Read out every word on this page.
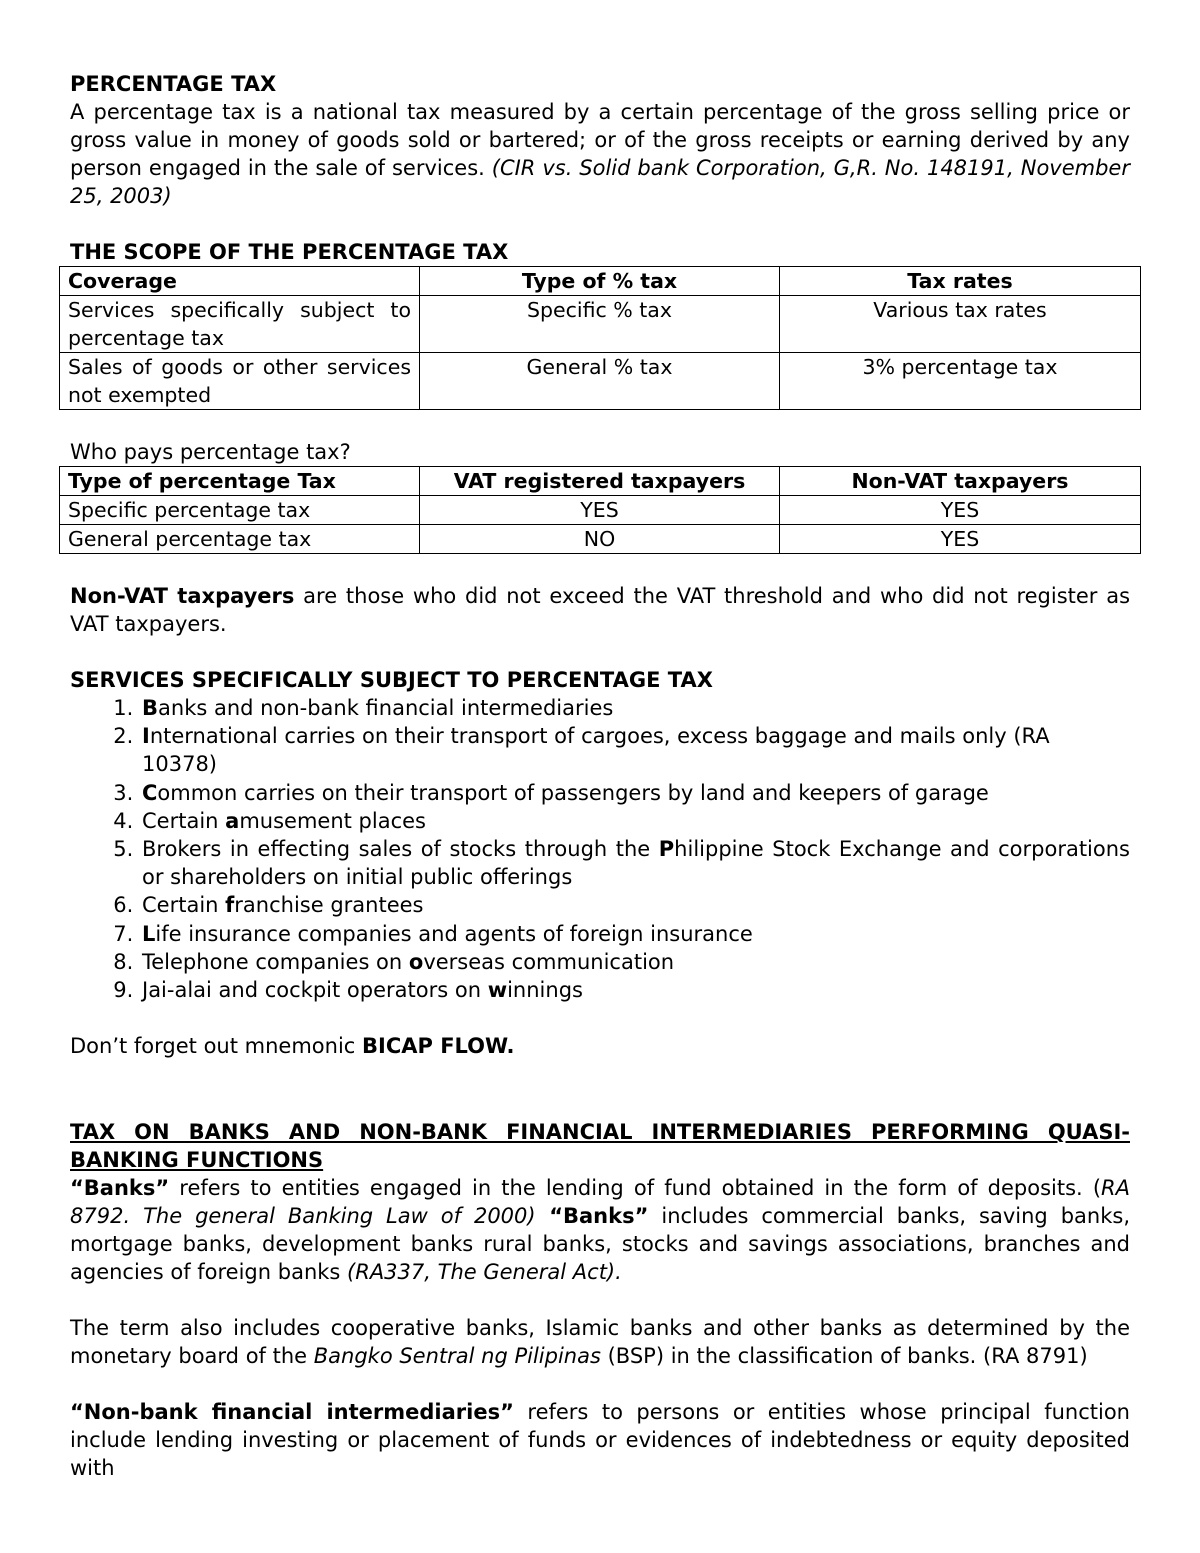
PERCENTAGE TAX
A percentage tax is a national tax measured by a certain percentage of the gross selling price or gross value in money of goods sold or bartered; or of the gross receipts or earning derived by any person engaged in the sale of services. (CIR vs. Solid bank Corporation, G,R. No. 148191, November 25, 2003)
THE SCOPE OF THE PERCENTAGE TAX
Coverage	Type of % tax	Tax rates
Services specifically subject to percentage tax	Specific % tax	Various tax rates
Sales of goods or other services not exempted	General % tax	3% percentage tax
Who pays percentage tax?
Type of percentage Tax	VAT registered taxpayers	Non-VAT taxpayers
Specific percentage tax	YES	YES
General percentage tax	NO	YES
Non-VAT taxpayers are those who did not exceed the VAT threshold and who did not register as VAT taxpayers.
SERVICES SPECIFICALLY SUBJECT TO PERCENTAGE TAX
1. Banks and non-bank financial intermediaries
2. International carries on their transport of cargoes, excess baggage and mails only (RA 10378)
3. Common carries on their transport of passengers by land and keepers of garage
4. Certain amusement places
5. Brokers in effecting sales of stocks through the Philippine Stock Exchange and corporations or shareholders on initial public offerings
6. Certain franchise grantees
7. Life insurance companies and agents of foreign insurance
8. Telephone companies on overseas communication
9. Jai-alai and cockpit operators on winnings
Don’t forget out mnemonic BICAP FLOW.
TAX ON BANKS AND NON-BANK FINANCIAL INTERMEDIARIES PERFORMING QUASI-BANKING FUNCTIONS
“Banks” refers to entities engaged in the lending of fund obtained in the form of deposits. (RA 8792. The general Banking Law of 2000) “Banks” includes commercial banks, saving banks, mortgage banks, development banks rural banks, stocks and savings associations, branches and agencies of foreign banks (RA337, The General Act).
The term also includes cooperative banks, Islamic banks and other banks as determined by the monetary board of the Bangko Sentral ng Pilipinas (BSP) in the classification of banks. (RA 8791)
“Non-bank financial intermediaries” refers to persons or entities whose principal function include lending investing or placement of funds or evidences of indebtedness or equity deposited with
